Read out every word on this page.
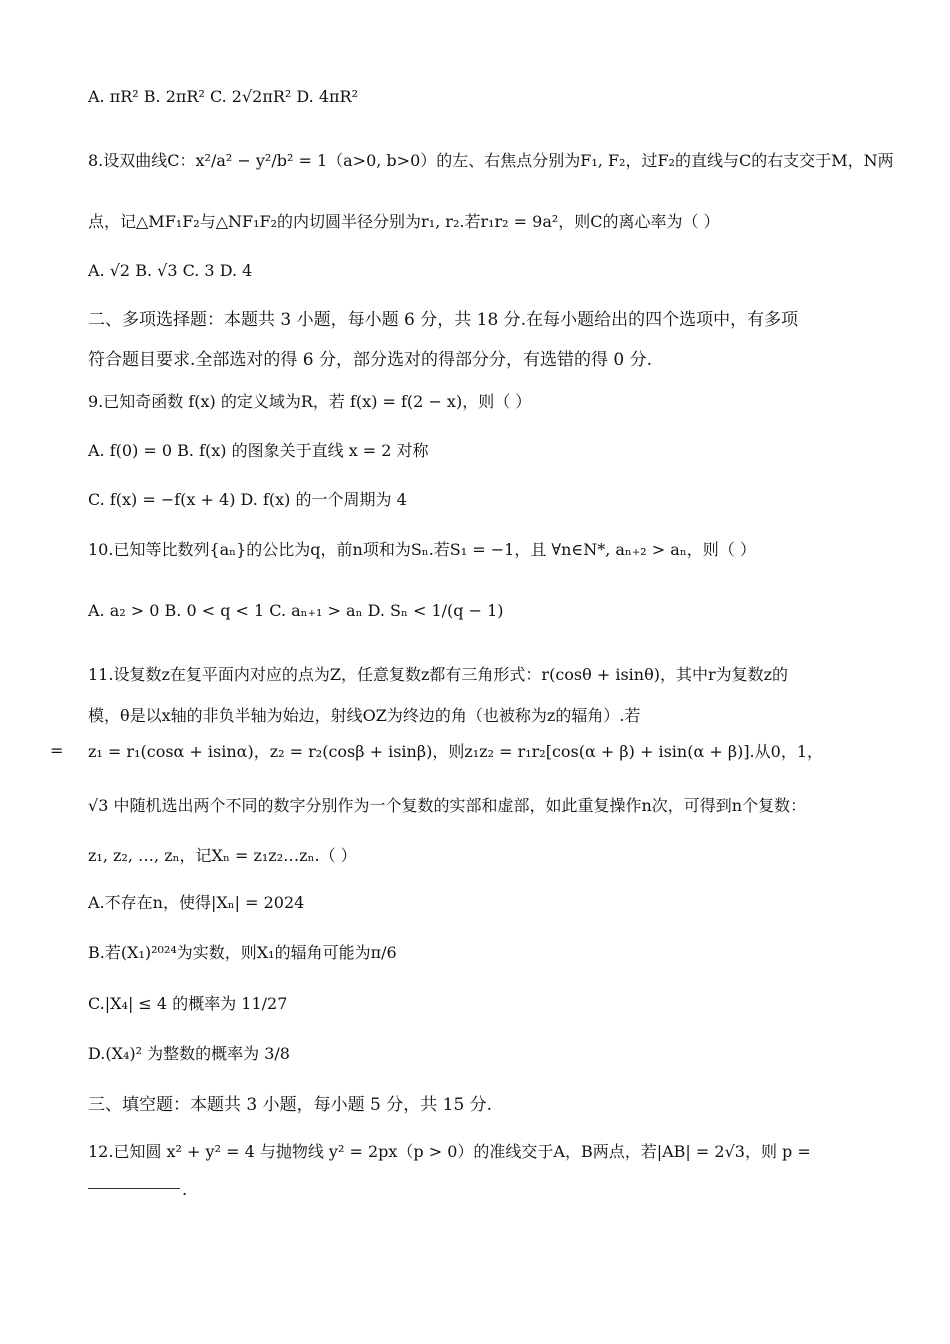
A. πR² B. 2πR² C. 2√2πR² D. 4πR²
8.设双曲线C：x²/a² − y²/b² = 1（a>0, b>0）的左、右焦点分别为F₁, F₂，过F₂的直线与C的右支交于M，N两
点，记△MF₁F₂与△NF₁F₂的内切圆半径分别为r₁, r₂.若r₁r₂ = 9a²，则C的离心率为（ ）
A. √2 B. √3 C. 3 D. 4
二、多项选择题：本题共 3 小题，每小题 6 分，共 18 分.在每小题给出的四个选项中，有多项
符合题目要求.全部选对的得 6 分，部分选对的得部分分，有选错的得 0 分.
9.已知奇函数 f(x) 的定义域为R，若 f(x) = f(2 − x)，则（ ）
A. f(0) = 0 B. f(x) 的图象关于直线 x = 2 对称
C. f(x) = −f(x + 4) D. f(x) 的一个周期为 4
10.已知等比数列{aₙ}的公比为q，前n项和为Sₙ.若S₁ = −1，且 ∀n∈N*, aₙ₊₂ > aₙ，则（ ）
A. a₂ > 0 B. 0 < q < 1 C. aₙ₊₁ > aₙ D. Sₙ < 1/(q − 1)
11.设复数z在复平面内对应的点为Z，任意复数z都有三角形式：r(cosθ + isinθ)，其中r为复数z的
模，θ是以x轴的非负半轴为始边，射线OZ为终边的角（也被称为z的辐角）.若
= z₁ = r₁(cosα + isinα)，z₂ = r₂(cosβ + isinβ)，则z₁z₂ = r₁r₂[cos(α + β) + isin(α + β)].从0，1，
√3 中随机选出两个不同的数字分别作为一个复数的实部和虚部，如此重复操作n次，可得到n个复数：
z₁, z₂, …, zₙ，记Xₙ = z₁z₂…zₙ.（ ）
A.不存在n，使得|Xₙ| = 2024
B.若(X₁)²⁰²⁴为实数，则X₁的辐角可能为π/6
C.|X₄| ≤ 4 的概率为 11/27
D.(X₄)² 为整数的概率为 3/8
三、填空题：本题共 3 小题，每小题 5 分，共 15 分.
12.已知圆 x² + y² = 4 与抛物线 y² = 2px（p > 0）的准线交于A，B两点，若|AB| = 2√3，则 p =
.
